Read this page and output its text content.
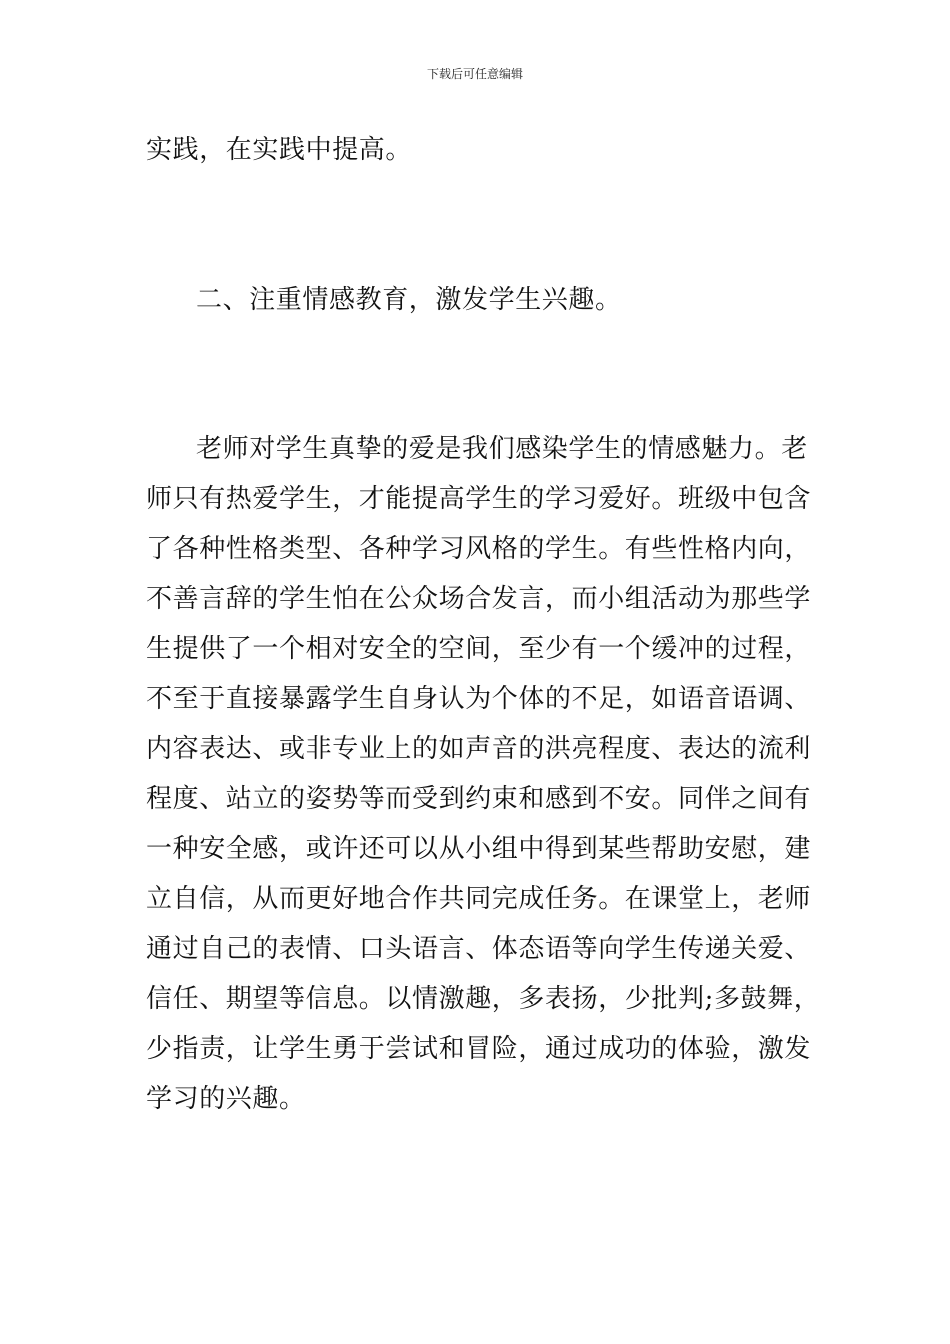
下载后可任意编辑
实践，在实践中提高。
二、注重情感教育，激发学生兴趣。
老师对学生真挚的爱是我们感染学生的情感魅力。老
师只有热爱学生，才能提高学生的学习爱好。班级中包含
了各种性格类型、各种学习风格的学生。有些性格内向，
不善言辞的学生怕在公众场合发言，而小组活动为那些学
生提供了一个相对安全的空间，至少有一个缓冲的过程，
不至于直接暴露学生自身认为个体的不足，如语音语调、
内容表达、或非专业上的如声音的洪亮程度、表达的流利
程度、站立的姿势等而受到约束和感到不安。同伴之间有
一种安全感，或许还可以从小组中得到某些帮助安慰，建
立自信，从而更好地合作共同完成任务。在课堂上，老师
通过自己的表情、口头语言、体态语等向学生传递关爱、
信任、期望等信息。以情激趣，多表扬，少批判;多鼓舞，
少指责，让学生勇于尝试和冒险，通过成功的体验，激发
学习的兴趣。
